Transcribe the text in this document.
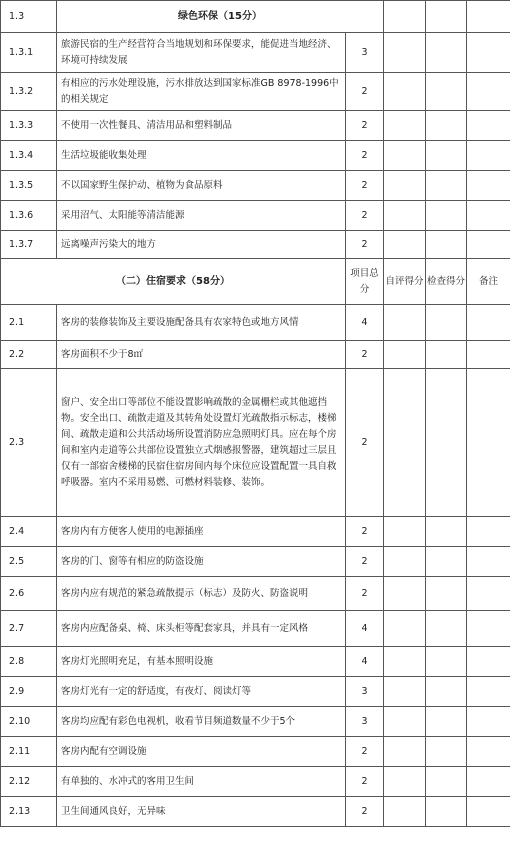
1.3	绿色环保（15分）				
1.3.1	旅游民宿的生产经营符合当地规划和环保要求，能促进当地经济、环境可持续发展	3			
1.3.2	有相应的污水处理设施，污水排放达到国家标准GB 8978-1996中的相关规定	2			
1.3.3	不使用一次性餐具、清洁用品和塑料制品	2			
1.3.4	生活垃圾能收集处理	2			
1.3.5	不以国家野生保护动、植物为食品原料	2			
1.3.6	采用沼气、太阳能等清洁能源	2			
1.3.7	远离噪声污染大的地方	2			
（二）住宿要求（58分）		项目总分	自评得分	检查得分	备注
2.1	客房的装修装饰及主要设施配备具有农家特色或地方风情	4			
2.2	客房面积不少于8㎡	2			
2.3	窗户、安全出口等部位不能设置影响疏散的金属栅栏或其他遮挡物。安全出口、疏散走道及其转角处设置灯光疏散指示标志，楼梯间、疏散走道和公共活动场所设置消防应急照明灯具。应在每个房间和室内走道等公共部位设置独立式烟感报警器，建筑超过三层且仅有一部宿舍楼梯的民宿住宿房间内每个床位应设置配置一具自救呼吸器。室内不采用易燃、可燃材料装修、装饰。	2			
2.4	客房内有方便客人使用的电源插座	2			
2.5	客房的门、窗等有相应的防盗设施	2			
2.6	客房内应有规范的紧急疏散提示（标志）及防火、防盗说明	2			
2.7	客房内应配备桌、椅、床头柜等配套家具，并具有一定风格	4			
2.8	客房灯光照明充足，有基本照明设施	4			
2.9	客房灯光有一定的舒适度，有夜灯、阅读灯等	3			
2.10	客房均应配有彩色电视机，收看节目频道数量不少于5个	3			
2.11	客房内配有空调设施	2			
2.12	有单独的、水冲式的客用卫生间	2			
2.13	卫生间通风良好，无异味	2			
